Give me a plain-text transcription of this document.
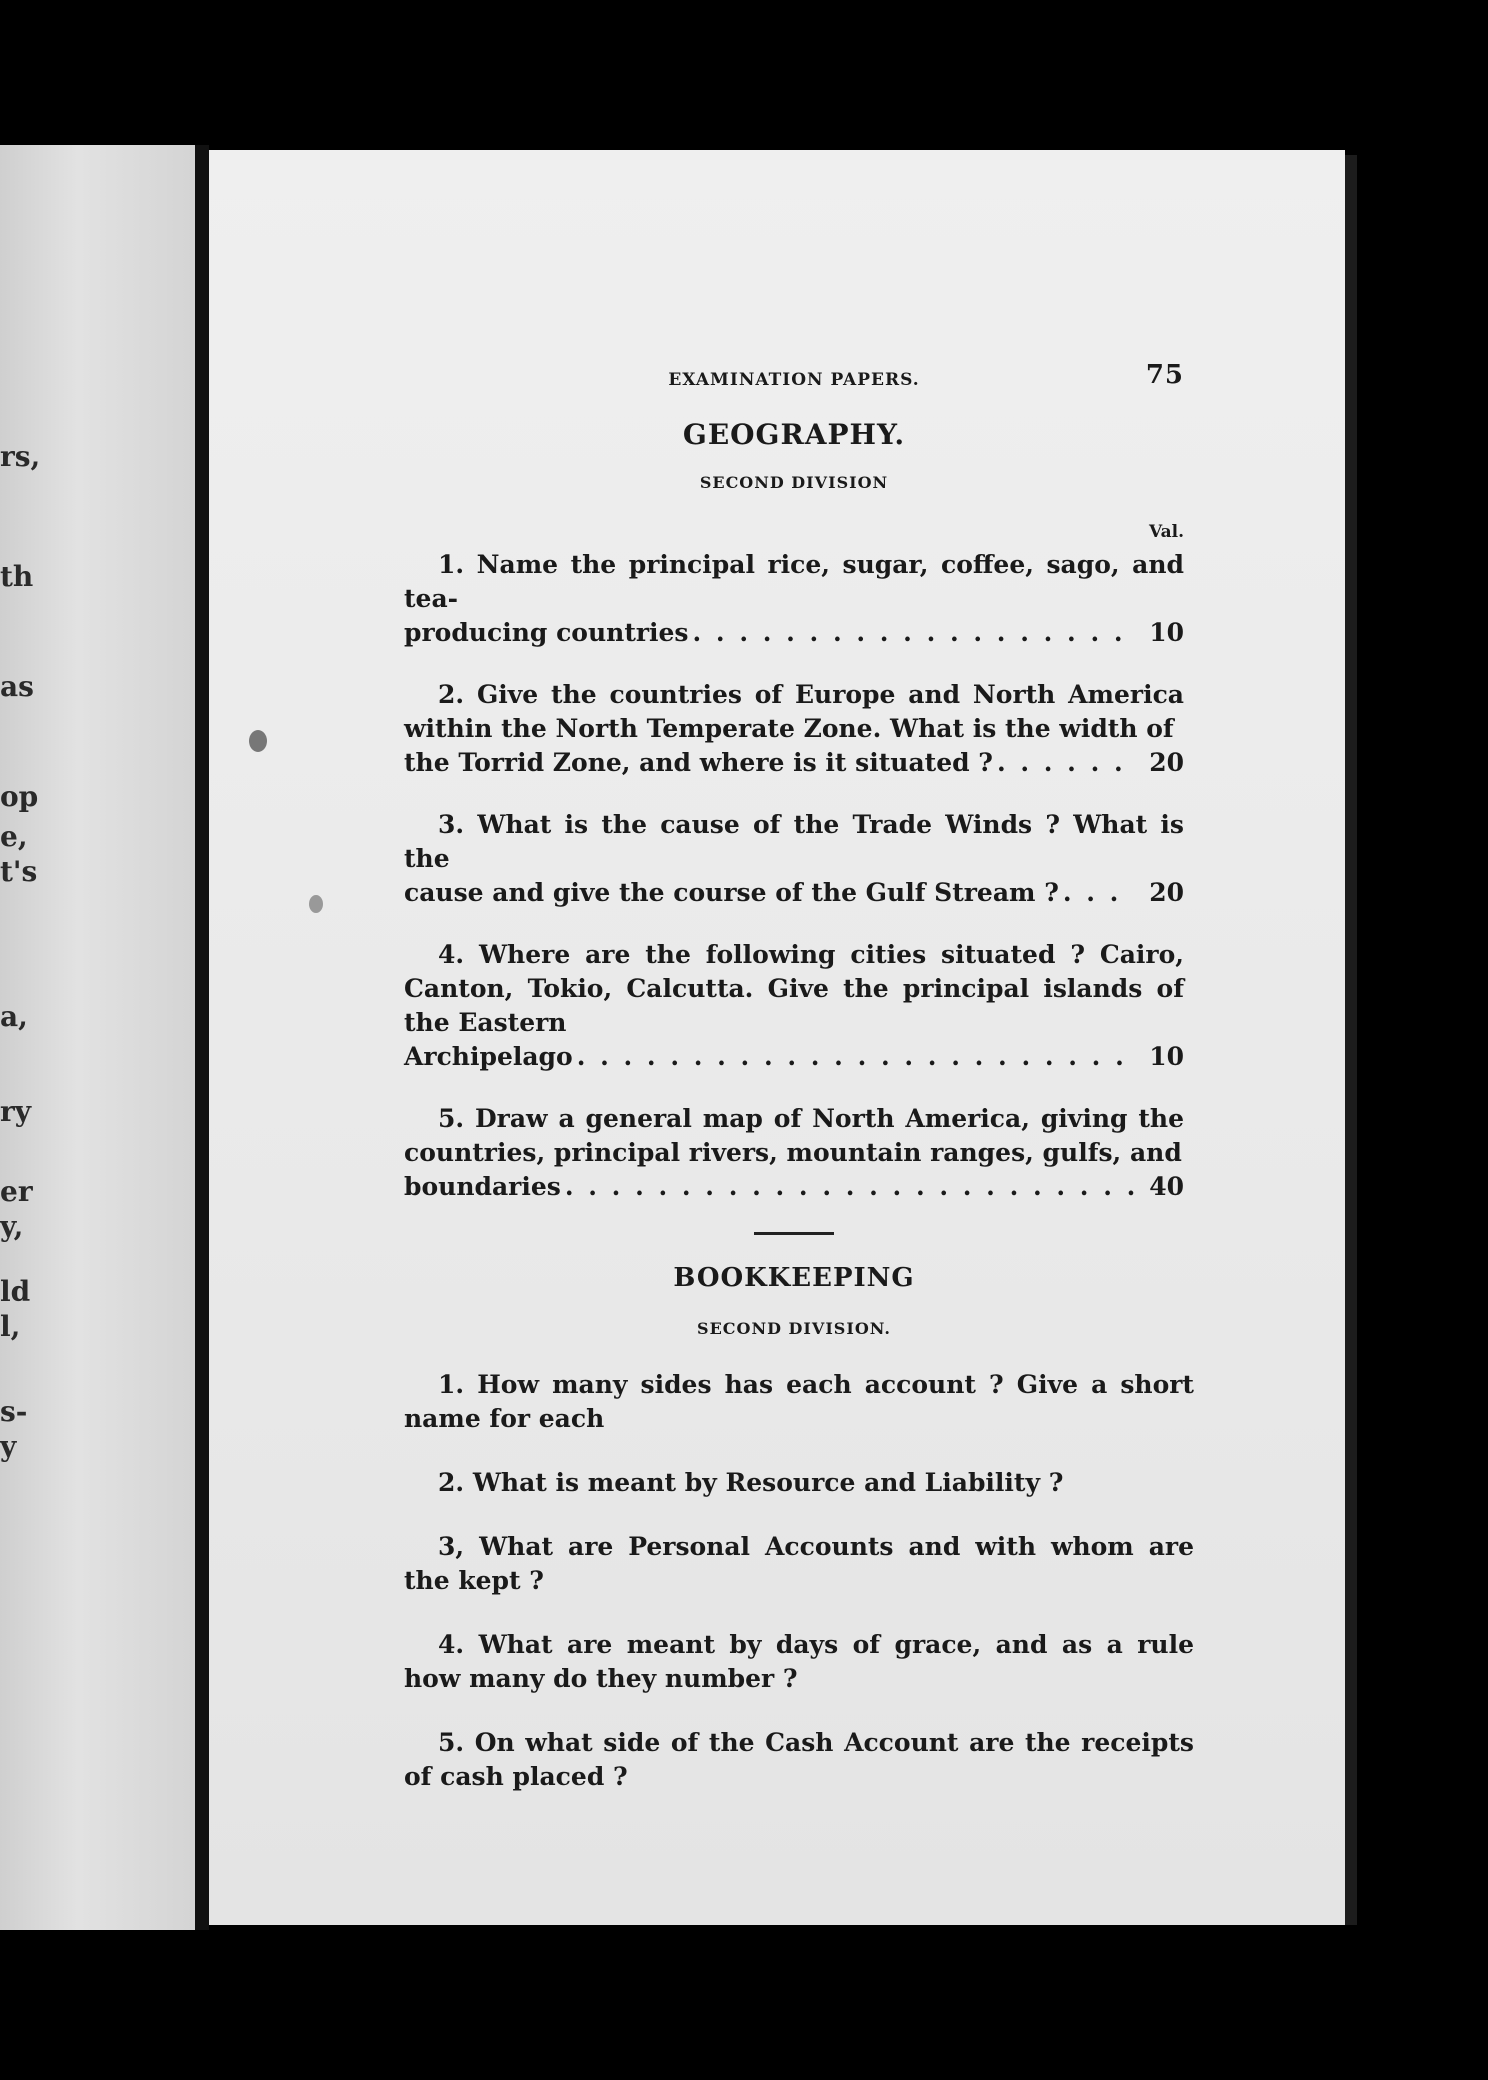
rs,
th
as
op
e,
t's
a,
ry
er
y,
ld
l,
s-
y
EXAMINATION PAPERS.	75
GEOGRAPHY.
SECOND DIVISION
Val.
1. Name the principal rice, sugar, coffee, sago, and tea-
producing countries . . .	10
2. Give the countries of Europe and North America within the North Temperate Zone. What is the width of
the Torrid Zone, and where is it situated ? . . .	20
3. What is the cause of the Trade Winds ? What is the
cause and give the course of the Gulf Stream ? . . .	20
4. Where are the following cities situated ? Cairo, Canton, Tokio, Calcutta. Give the principal islands of the Eastern
Archipelago . . .	10
5. Draw a general map of North America, giving the countries, principal rivers, mountain ranges, gulfs, and
boundaries . . .	40
BOOKKEEPING
SECOND DIVISION.
1. How many sides has each account ? Give a short name for each
2. What is meant by Resource and Liability ?
3, What are Personal Accounts and with whom are the kept ?
4. What are meant by days of grace, and as a rule how many do they number ?
5. On what side of the Cash Account are the receipts of cash placed ?
